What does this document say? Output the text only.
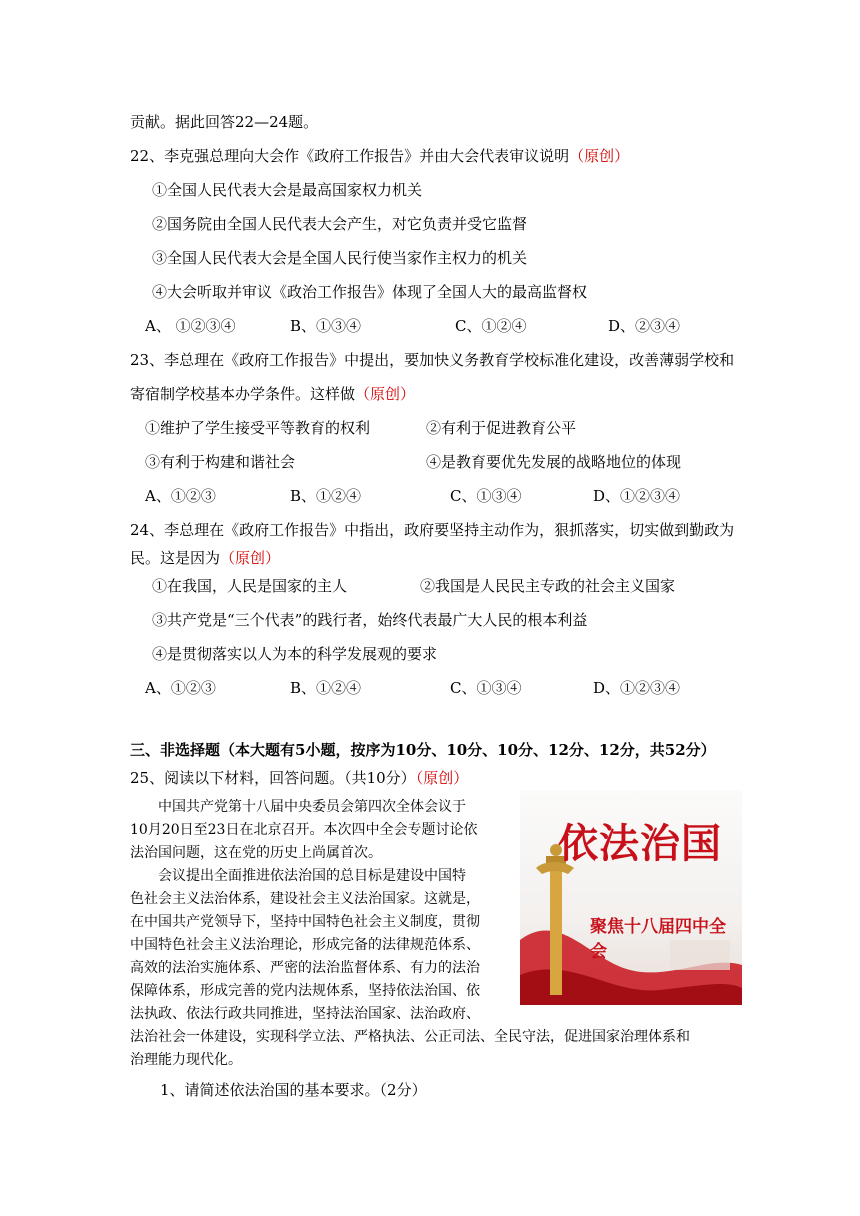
贡献。据此回答22—24题。
22、李克强总理向大会作《政府工作报告》并由大会代表审议说明（原创）
①全国人民代表大会是最高国家权力机关
②国务院由全国人民代表大会产生，对它负责并受它监督
③全国人民代表大会是全国人民行使当家作主权力的机关
④大会听取并审议《政治工作报告》体现了全国人大的最高监督权
A、 ①②③④	B、①③④	C、①②④	D、②③④
23、李总理在《政府工作报告》中提出，要加快义务教育学校标准化建设，改善薄弱学校和
寄宿制学校基本办学条件。这样做（原创）
①维护了学生接受平等教育的权利	②有利于促进教育公平
③有利于构建和谐社会	④是教育要优先发展的战略地位的体现
A、①②③	B、①②④	C、①③④	D、①②③④
24、李总理在《政府工作报告》中指出，政府要坚持主动作为，狠抓落实，切实做到勤政为
民。这是因为（原创）
①在我国，人民是国家的主人	②我国是人民民主专政的社会主义国家
③共产党是“三个代表”的践行者，始终代表最广大人民的根本利益
④是贯彻落实以人为本的科学发展观的要求
A、①②③	B、①②④	C、①③④	D、①②③④
三、非选择题（本大题有5小题，按序为10分、10分、10分、12分、12分，共52分）
25、阅读以下材料，回答问题。（共10分）（原创）

中国共产党第十八届中央委员会第四次全体会议于

10月20日至23日在北京召开。本次四中全会专题讨论依

法治国问题，这在党的历史上尚属首次。

会议提出全面推进依法治国的总目标是建设中国特

色社会主义法治体系，建设社会主义法治国家。这就是，

在中国共产党领导下，坚持中国特色社会主义制度，贯彻

中国特色社会主义法治理论，形成完备的法律规范体系、

高效的法治实施体系、严密的法治监督体系、有力的法治

保障体系，形成完善的党内法规体系，坚持依法治国、依

法执政、依法行政共同推进，坚持法治国家、法治政府、

法治社会一体建设，实现科学立法、严格执法、公正司法、全民守法，促进国家治理体系和
治理能力现代化。
1、请简述依法治国的基本要求。（2分）
依法治国
聚焦十八届四中全会
